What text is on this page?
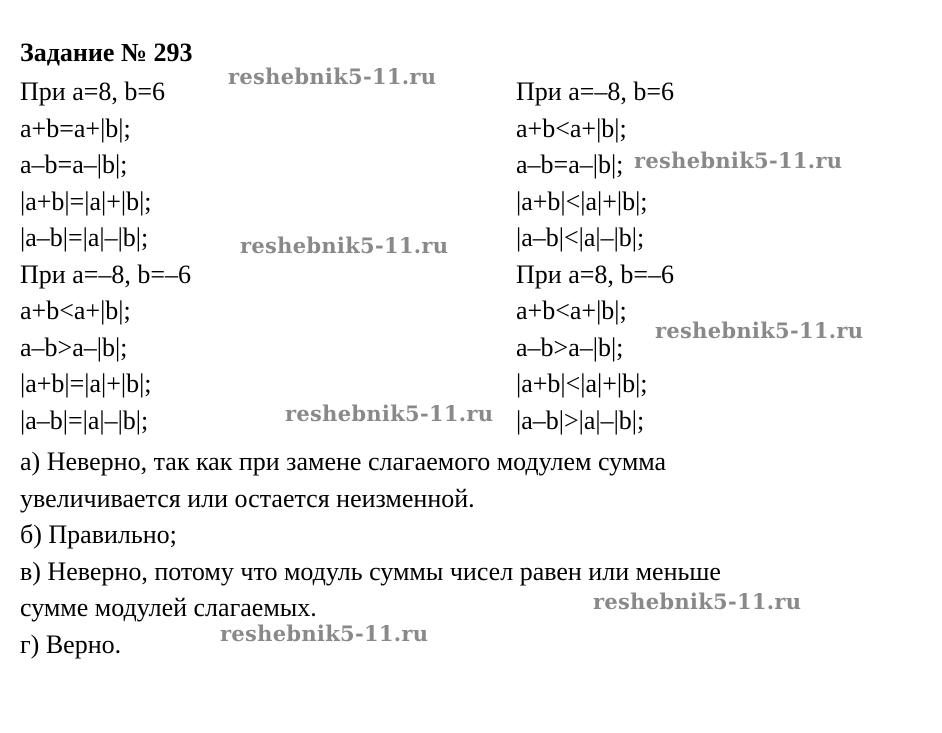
Задание № 293
При a=8, b=6
a+b=a+|b|;
a–b=a–|b|;
|a+b|=|a|+|b|;
|a–b|=|a|–|b|;
При a=–8, b=–6
a+b<a+|b|;
a–b>a–|b|;
|a+b|=|a|+|b|;
|a–b|=|a|–|b|;
При a=–8, b=6
a+b<a+|b|;
a–b=a–|b|;
|a+b|<|a|+|b|;
|a–b|<|a|–|b|;
При a=8, b=–6
a+b<a+|b|;
a–b>a–|b|;
|a+b|<|a|+|b|;
|a–b|>|a|–|b|;
а) Неверно, так как при замене слагаемого модулем сумма
увеличивается или остается неизменной.
б) Правильно;
в) Неверно, потому что модуль суммы чисел равен или меньше
сумме модулей слагаемых.
г) Верно.
reshebnik5-11.ru
reshebnik5-11.ru
reshebnik5-11.ru
reshebnik5-11.ru
reshebnik5-11.ru
reshebnik5-11.ru
reshebnik5-11.ru
